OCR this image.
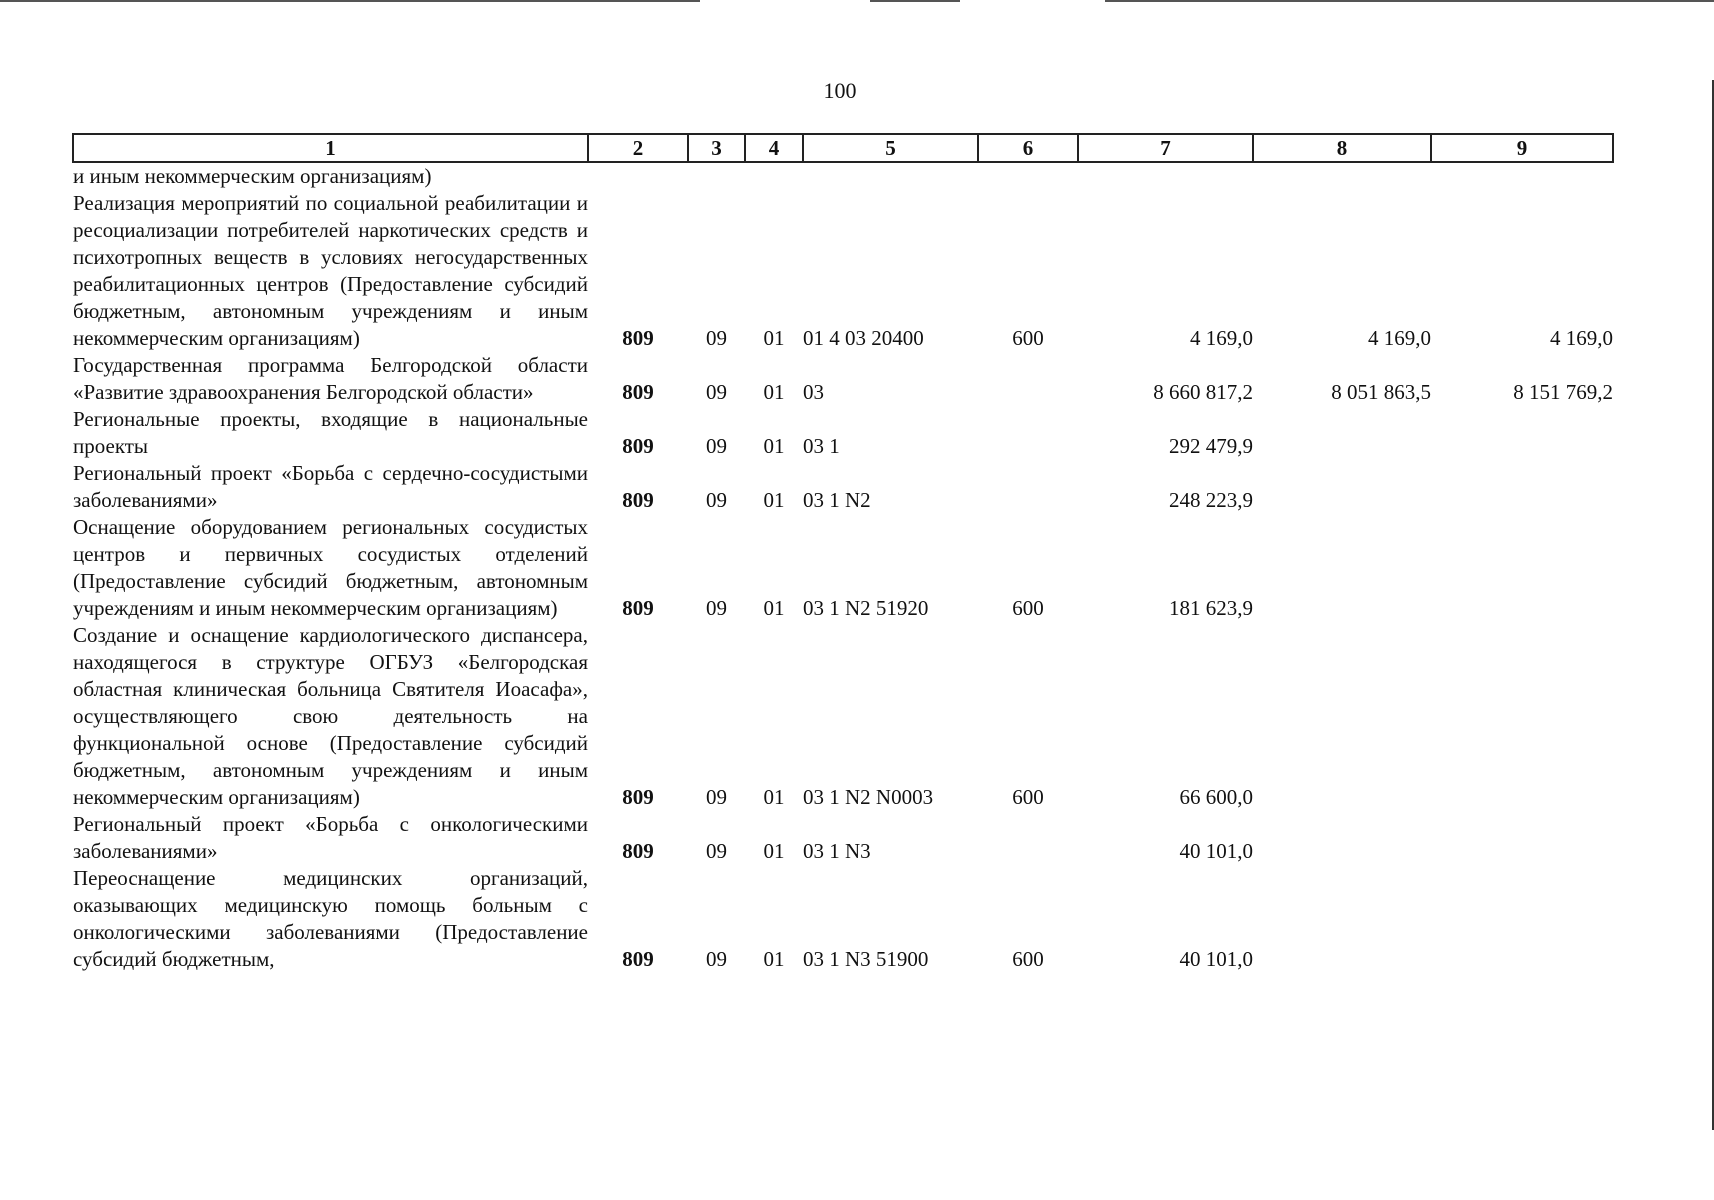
100
1	2	3	4	5	6	7	8	9
и иным некоммерческим организациям)								
Реализация мероприятий по социальной реабилитации и ресоциализации потребителей наркотических средств и психотропных веществ в условиях негосударственных реабилитационных центров (Предоставление субсидий бюджетным, автономным учреждениям и иным некоммерческим организациям)	809	09	01	01 4 03 20400	600	4 169,0	4 169,0	4 169,0
Государственная программа Белгородской области «Развитие здравоохранения Белгородской области»	809	09	01	03		8 660 817,2	8 051 863,5	8 151 769,2
Региональные проекты, входящие в национальные проекты	809	09	01	03 1		292 479,9		
Региональный проект «Борьба с сердечно-сосудистыми заболеваниями»	809	09	01	03 1 N2		248 223,9		
Оснащение оборудованием региональных сосудистых центров и первичных сосудистых отделений (Предоставление субсидий бюджетным, автономным учреждениям и иным некоммерческим организациям)	809	09	01	03 1 N2 51920	600	181 623,9		
Создание и оснащение кардиологического диспансера, находящегося в структуре ОГБУЗ «Белгородская областная клиническая больница Святителя Иоасафа», осуществляющего свою деятельность на функциональной основе (Предоставление субсидий бюджетным, автономным учреждениям и иным некоммерческим организациям)	809	09	01	03 1 N2 N0003	600	66 600,0		
Региональный проект «Борьба с онкологическими заболеваниями»	809	09	01	03 1 N3		40 101,0		
Переоснащение медицинских организаций, оказывающих медицинскую помощь больным с онкологическими заболеваниями (Предоставление субсидий бюджетным,	809	09	01	03 1 N3 51900	600	40 101,0		
